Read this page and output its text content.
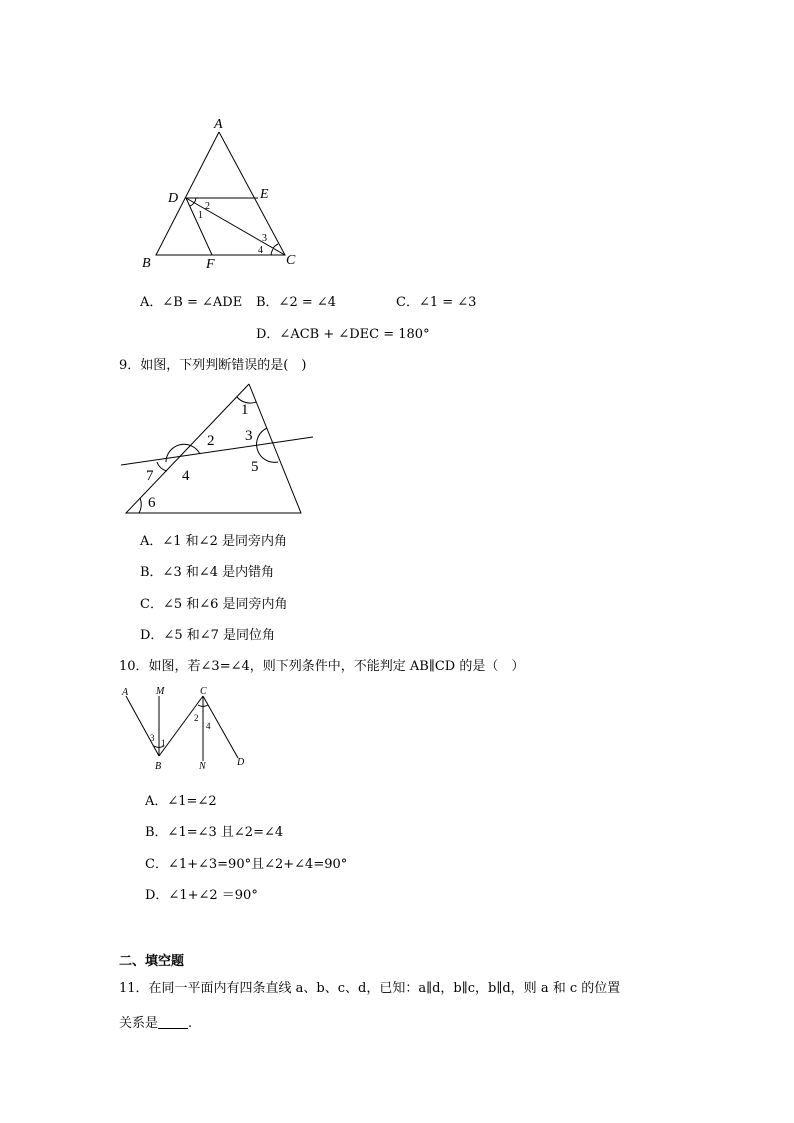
A
D	E
B	F	C
2
1
3
4
A．∠B = ∠ADE B．∠2 = ∠4	C．∠1 = ∠3
D．∠ACB + ∠DEC = 180°
9．如图，下列判断错误的是(　)
1
2 3
4
5
6
7
A．∠1 和∠2 是同旁内角
B．∠3 和∠4 是内错角
C．∠5 和∠6 是同旁内角
D．∠5 和∠7 是同位角
10．如图，若∠3=∠4，则下列条件中，不能判定 AB∥CD 的是（　）
A	M	C
B	N	D
3 1
2
4
A．∠1=∠2
B．∠1=∠3 且∠2=∠4
C．∠1+∠3=90°且∠2+∠4=90°
D．∠1+∠2 ＝90°
二、填空题
11．在同一平面内有四条直线 a、b、c、d，已知：a∥d，b∥c，b∥d，则 a 和 c 的位置
关系是 .
